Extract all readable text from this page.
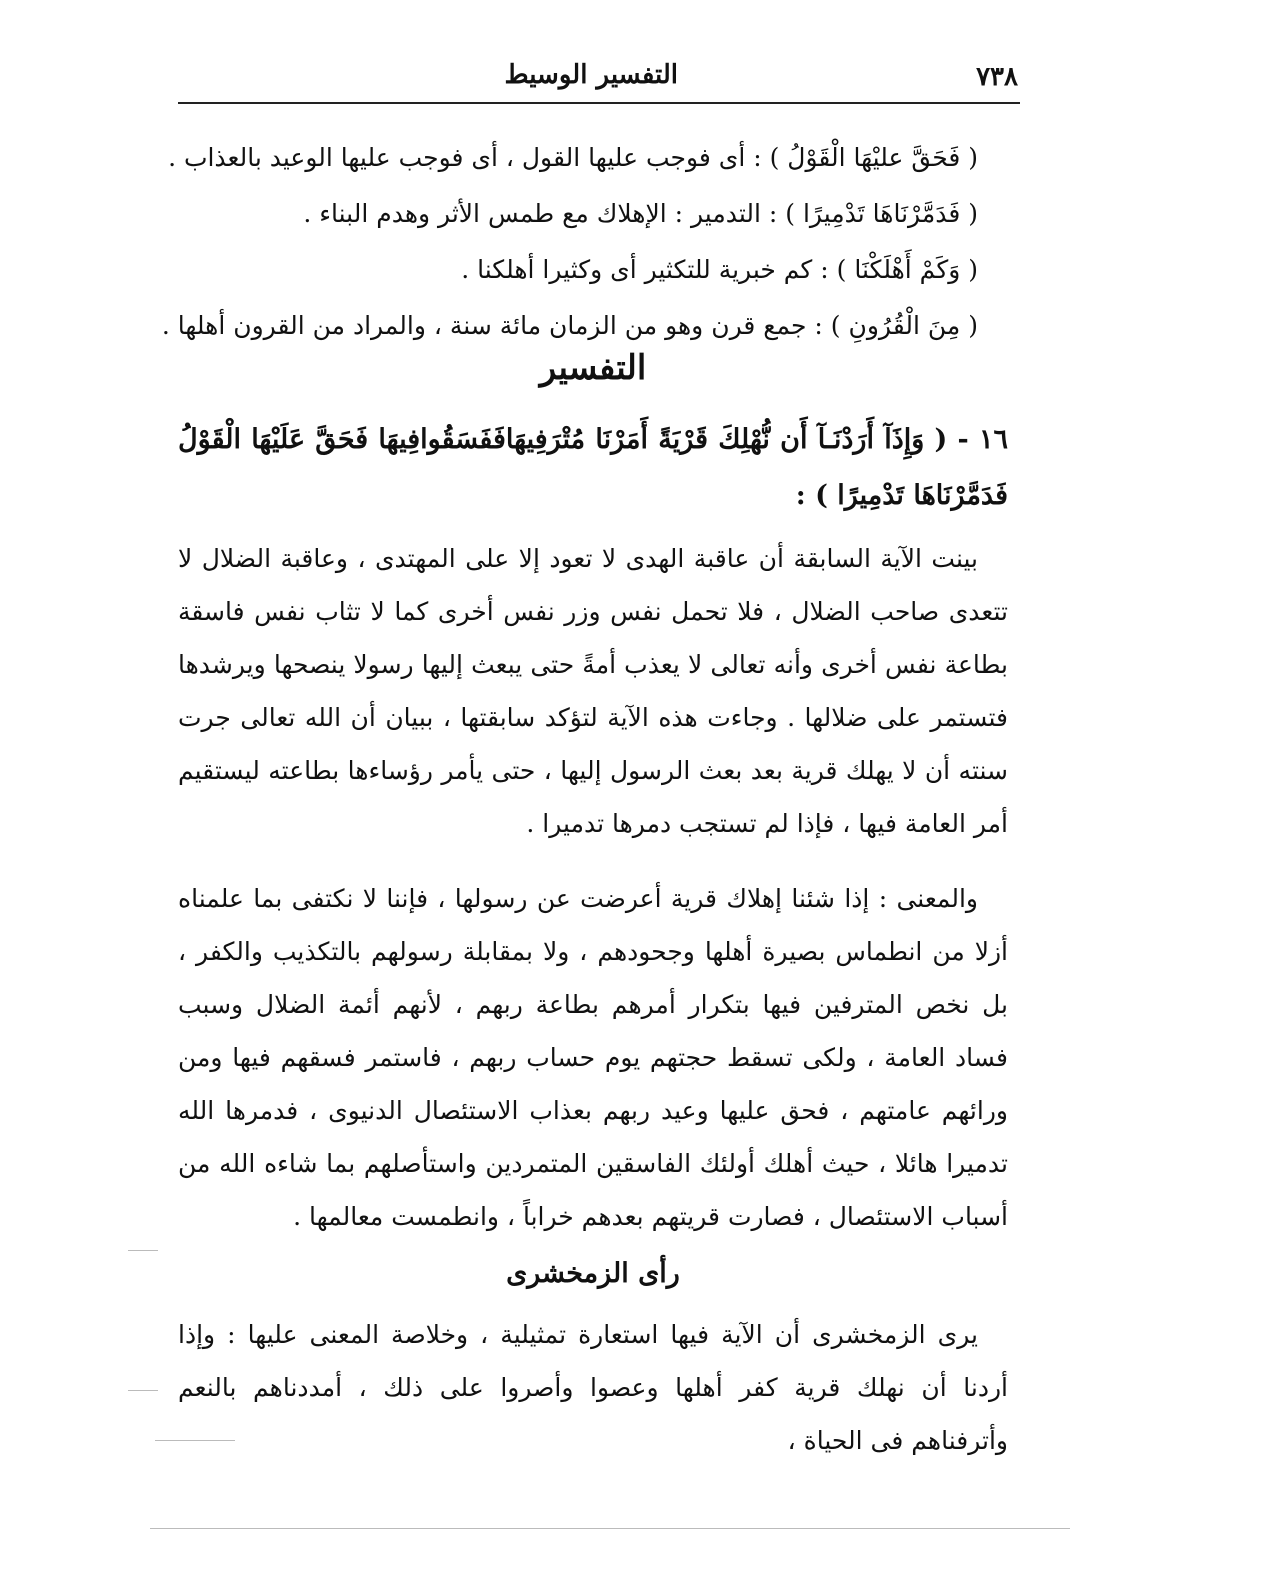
٧٣٨
التفسير الوسيط
( فَحَقَّ عليْهَا الْقَوْلُ ) : أى فوجب عليها القول ، أى فوجب عليها الوعيد بالعذاب .
( فَدَمَّرْنَاهَا تَدْمِيرًا ) : التدمير : الإهلاك مع طمس الأثر وهدم البناء .
( وَكَمْ أَهْلَكْنَا ) : كم خبرية للتكثير أى وكثيرا أهلكنا .
( مِنَ الْقُرُونِ ) : جمع قرن وهو من الزمان مائة سنة ، والمراد من القرون أهلها .
التفسير
١٦ - ( وَإِذَآ أَرَدْنَـآ أَن نُّهْلِكَ قَرْيَةً أَمَرْنَا مُتْرَفِيهَافَفَسَقُوافِيهَا فَحَقَّ عَلَيْهَا الْقَوْلُ فَدَمَّرْنَاهَا تَدْمِيرًا ) :
بينت الآية السابقة أن عاقبة الهدى لا تعود إلا على المهتدى ، وعاقبة الضلال لا تتعدى صاحب الضلال ، فلا تحمل نفس وزر نفس أخرى كما لا تثاب نفس فاسقة بطاعة نفس أخرى وأنه تعالى لا يعذب أمةً حتى يبعث إليها رسولا ينصحها ويرشدها فتستمر على ضلالها . وجاءت هذه الآية لتؤكد سابقتها ، ببيان أن الله تعالى جرت سنته أن لا يهلك قرية بعد بعث الرسول إليها ، حتى يأمر رؤساءها بطاعته ليستقيم أمر العامة فيها ، فإذا لم تستجب دمرها تدميرا .
والمعنى : إذا شئنا إهلاك قرية أعرضت عن رسولها ، فإننا لا نكتفى بما علمناه أزلا من انطماس بصيرة أهلها وجحودهم ، ولا بمقابلة رسولهم بالتكذيب والكفر ، بل نخص المترفين فيها بتكرار أمرهم بطاعة ربهم ، لأنهم أئمة الضلال وسبب فساد العامة ، ولكى تسقط حجتهم يوم حساب ربهم ، فاستمر فسقهم فيها ومن ورائهم عامتهم ، فحق عليها وعيد ربهم بعذاب الاستئصال الدنيوى ، فدمرها الله تدميرا هائلا ، حيث أهلك أولئك الفاسقين المتمردين واستأصلهم بما شاءه الله من أسباب الاستئصال ، فصارت قريتهم بعدهم خراباً ، وانطمست معالمها .
رأى الزمخشرى
يرى الزمخشرى أن الآية فيها استعارة تمثيلية ، وخلاصة المعنى عليها : وإذا أردنا أن نهلك قرية كفر أهلها وعصوا وأصروا على ذلك ، أمددناهم بالنعم وأترفناهم فى الحياة ،
